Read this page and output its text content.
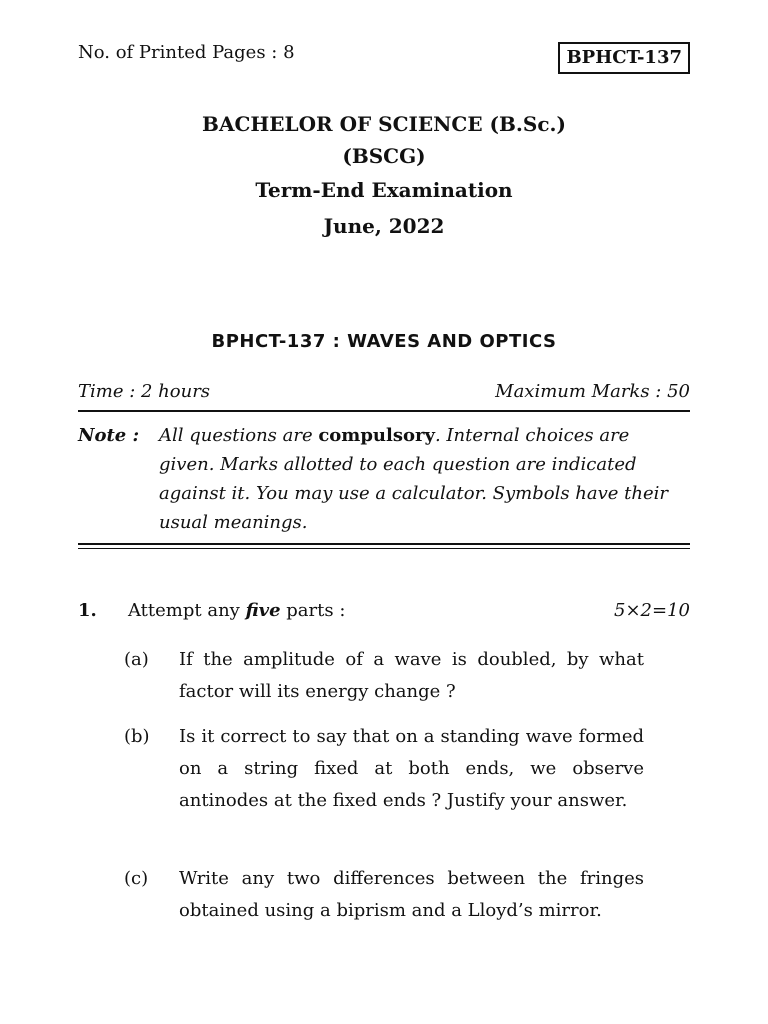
No. of Printed Pages : 8	BPHCT-137
BACHELOR OF SCIENCE (B.Sc.)
(BSCG)
Term-End Examination
June, 2022
BPHCT-137 : WAVES AND OPTICS
Time : 2 hours	Maximum Marks : 50
Note :	All questions are compulsory. Internal choices are given. Marks allotted to each question are indicated against it. You may use a calculator. Symbols have their usual meanings.
1.	Attempt any five parts :	5×2=10
(a)	If the amplitude of a wave is doubled, by what factor will its energy change ?
(b)	Is it correct to say that on a standing wave formed on a string fixed at both ends, we observe antinodes at the fixed ends ? Justify your answer.
(c)	Write any two differences between the fringes obtained using a biprism and a Lloyd’s mirror.
